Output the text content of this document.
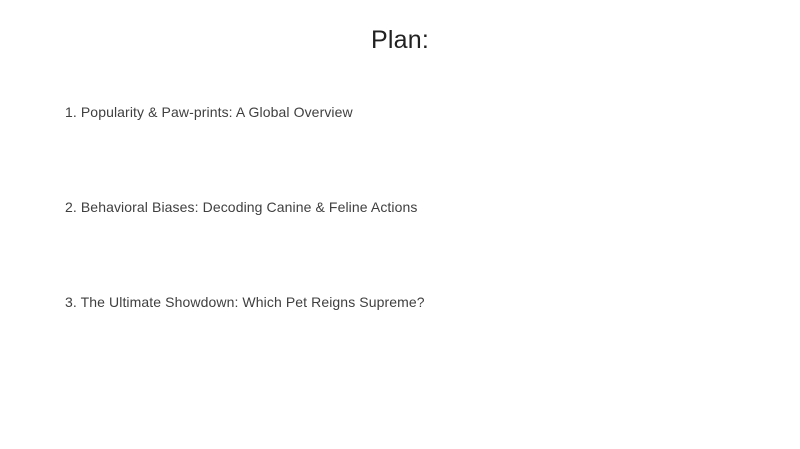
Plan:
1. Popularity & Paw-prints: A Global Overview
2. Behavioral Biases: Decoding Canine & Feline Actions
3. The Ultimate Showdown: Which Pet Reigns Supreme?
